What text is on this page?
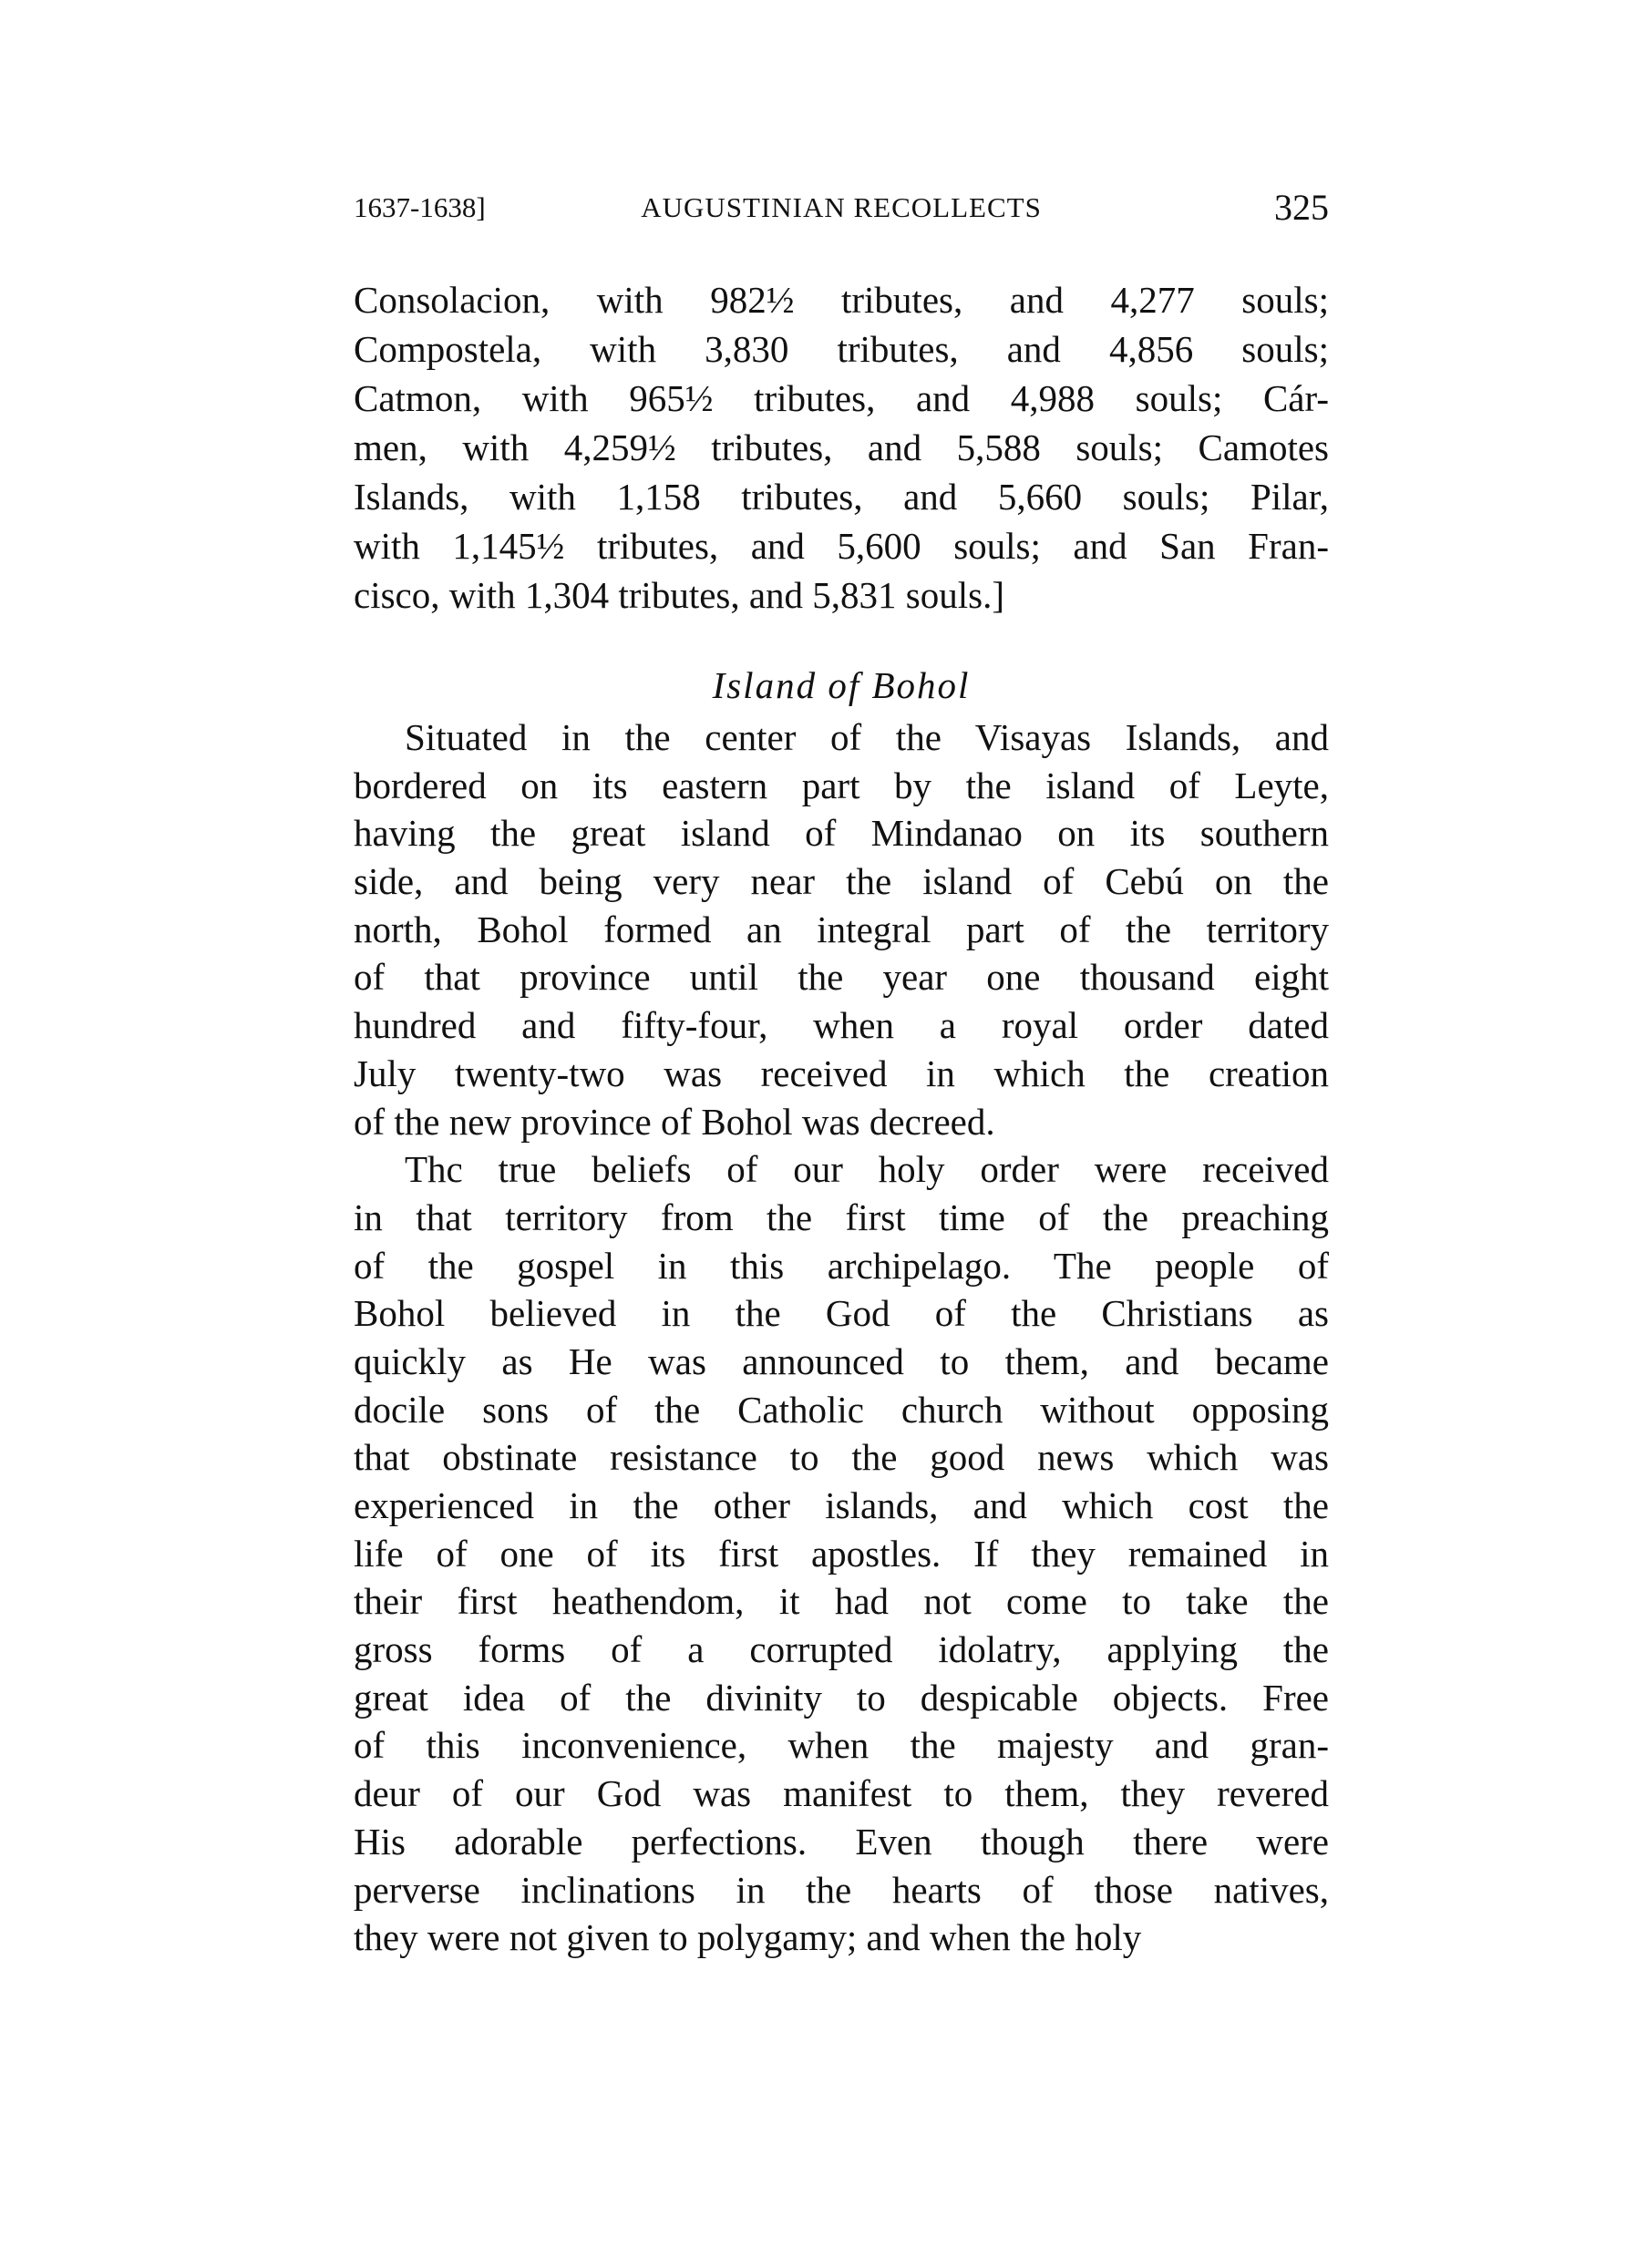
1637-1638]	AUGUSTINIAN RECOLLECTS	325
Consolacion, with 982½ tributes, and 4,277 souls;
Compostela, with 3,830 tributes, and 4,856 souls;
Catmon, with 965½ tributes, and 4,988 souls; Cár-
men, with 4,259½ tributes, and 5,588 souls; Camotes
Islands, with 1,158 tributes, and 5,660 souls; Pilar,
with 1,145½ tributes, and 5,600 souls; and San Fran-
cisco, with 1,304 tributes, and 5,831 souls.]
Island of Bohol
Situated in the center of the Visayas Islands, and
bordered on its eastern part by the island of Leyte,
having the great island of Mindanao on its southern
side, and being very near the island of Cebú on the
north, Bohol formed an integral part of the territory
of that province until the year one thousand eight
hundred and fifty-four, when a royal order dated
July twenty-two was received in which the creation
of the new province of Bohol was decreed.
Thc true beliefs of our holy order were received
in that territory from the first time of the preaching
of the gospel in this archipelago. The people of
Bohol believed in the God of the Christians as
quickly as He was announced to them, and became
docile sons of the Catholic church without opposing
that obstinate resistance to the good news which was
experienced in the other islands, and which cost the
life of one of its first apostles. If they remained in
their first heathendom, it had not come to take the
gross forms of a corrupted idolatry, applying the
great idea of the divinity to despicable objects. Free
of this inconvenience, when the majesty and gran-
deur of our God was manifest to them, they revered
His adorable perfections. Even though there were
perverse inclinations in the hearts of those natives,
they were not given to polygamy; and when the holy
